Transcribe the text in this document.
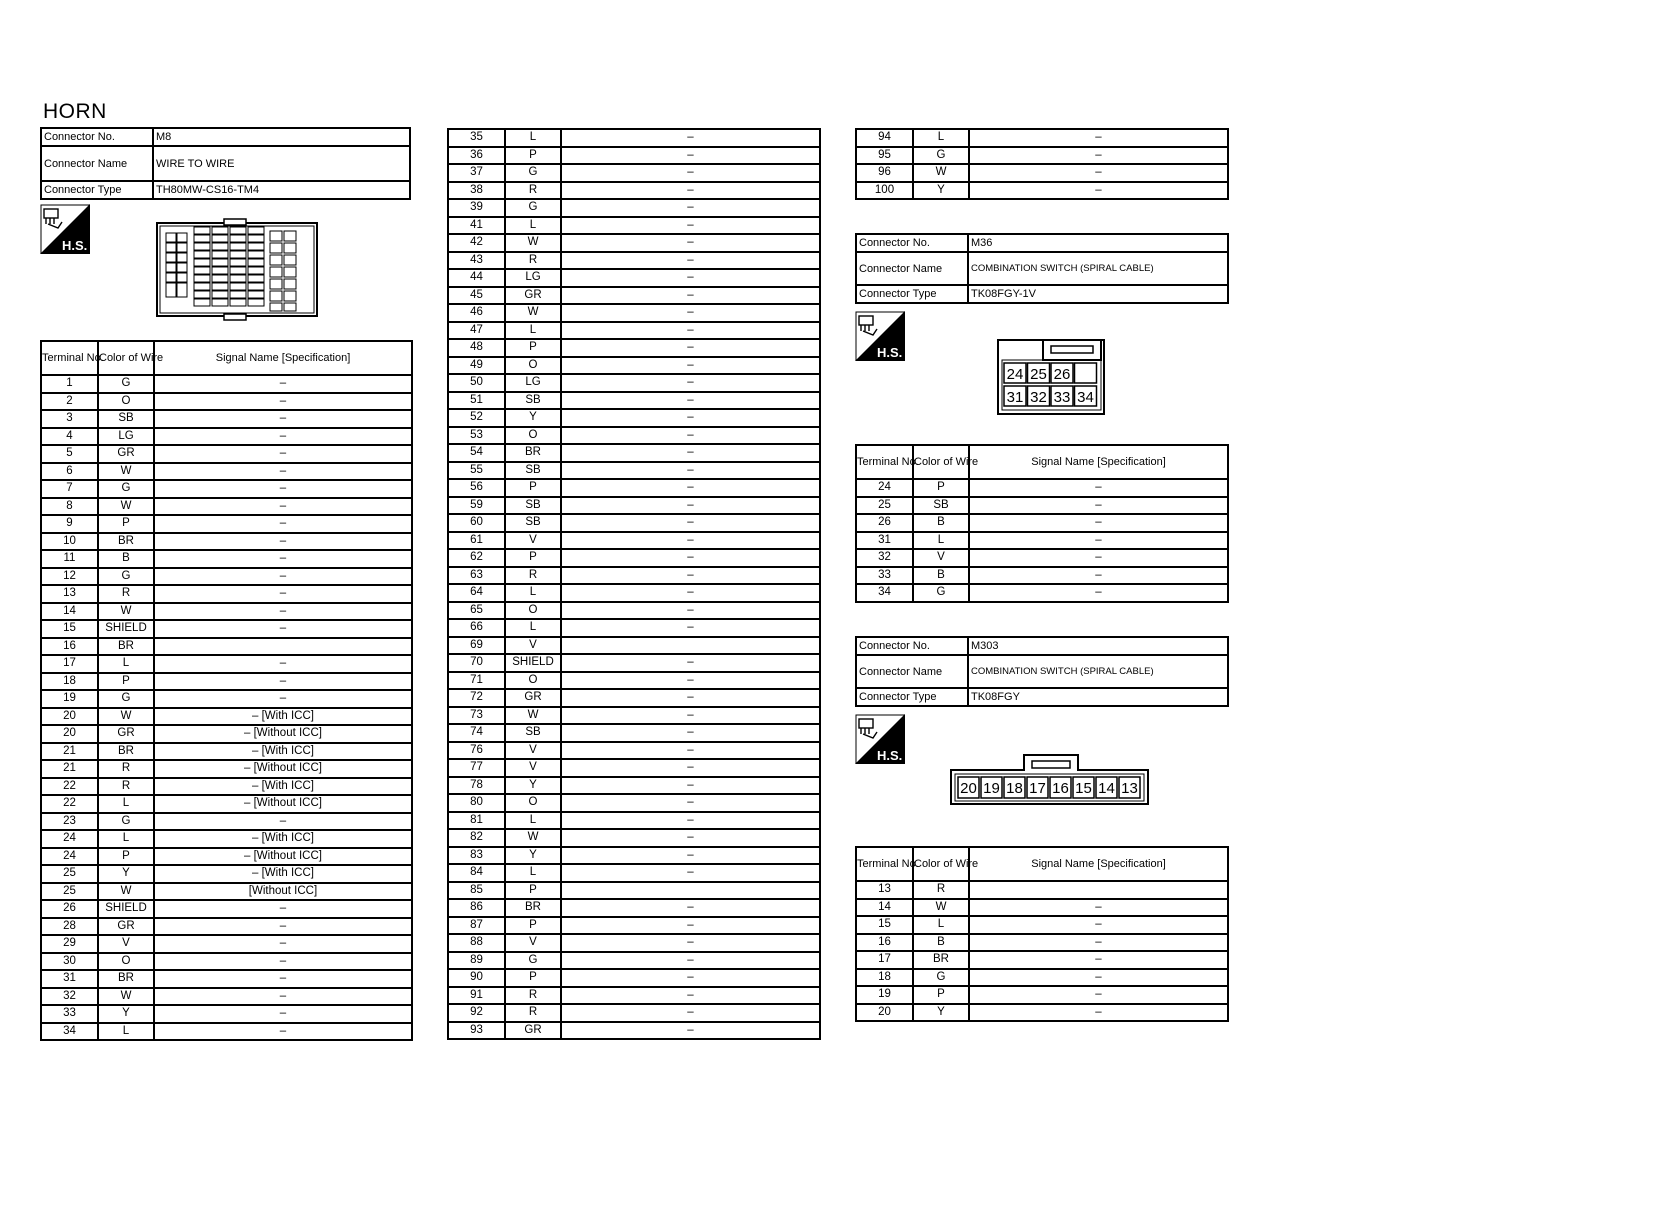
HORN
Connector No.	M8
Connector Name	WIRE TO WIRE
Connector Type	TH80MW-CS16-TM4
H.S.
Terminal No.	Color of Wire	Signal Name [Specification]
1	G	–
2	O	–
3	SB	–
4	LG	–
5	GR	–
6	W	–
7	G	–
8	W	–
9	P	–
10	BR	–
11	B	–
12	G	–
13	R	–
14	W	–
15	SHIELD	–
16	BR	
17	L	–
18	P	–
19	G	–
20	W	– [With ICC]
20	GR	– [Without ICC]
21	BR	– [With ICC]
21	R	– [Without ICC]
22	R	– [With ICC]
22	L	– [Without ICC]
23	G	–
24	L	– [With ICC]
24	P	– [Without ICC]
25	Y	– [With ICC]
25	W	[Without ICC]
26	SHIELD	–
28	GR	–
29	V	–
30	O	–
31	BR	–
32	W	–
33	Y	–
34	L	–
35	L	–
36	P	–
37	G	–
38	R	–
39	G	–
41	L	–
42	W	–
43	R	–
44	LG	–
45	GR	–
46	W	–
47	L	–
48	P	–
49	O	–
50	LG	–
51	SB	–
52	Y	–
53	O	–
54	BR	–
55	SB	–
56	P	–
59	SB	–
60	SB	–
61	V	–
62	P	–
63	R	–
64	L	–
65	O	–
66	L	–
69	V	
70	SHIELD	–
71	O	–
72	GR	–
73	W	–
74	SB	–
76	V	–
77	V	–
78	Y	–
80	O	–
81	L	–
82	W	–
83	Y	–
84	L	–
85	P	
86	BR	–
87	P	–
88	V	–
89	G	–
90	P	–
91	R	–
92	R	–
93	GR	–
94	L	–
95	G	–
96	W	–
100	Y	–
Connector No.	M36
Connector Name	COMBINATION SWITCH (SPIRAL CABLE)
Connector Type	TK08FGY-1V
H.S.
24 25 26
31 32 33 34
Terminal No.	Color of Wire	Signal Name [Specification]
24	P	–
25	SB	–
26	B	–
31	L	–
32	V	–
33	B	–
34	G	–
Connector No.	M303
Connector Name	COMBINATION SWITCH (SPIRAL CABLE)
Connector Type	TK08FGY
H.S.
20 19 18 17 16 15 14 13
Terminal No.	Color of Wire	Signal Name [Specification]
13	R	
14	W	–
15	L	–
16	B	–
17	BR	–
18	G	–
19	P	–
20	Y	–
